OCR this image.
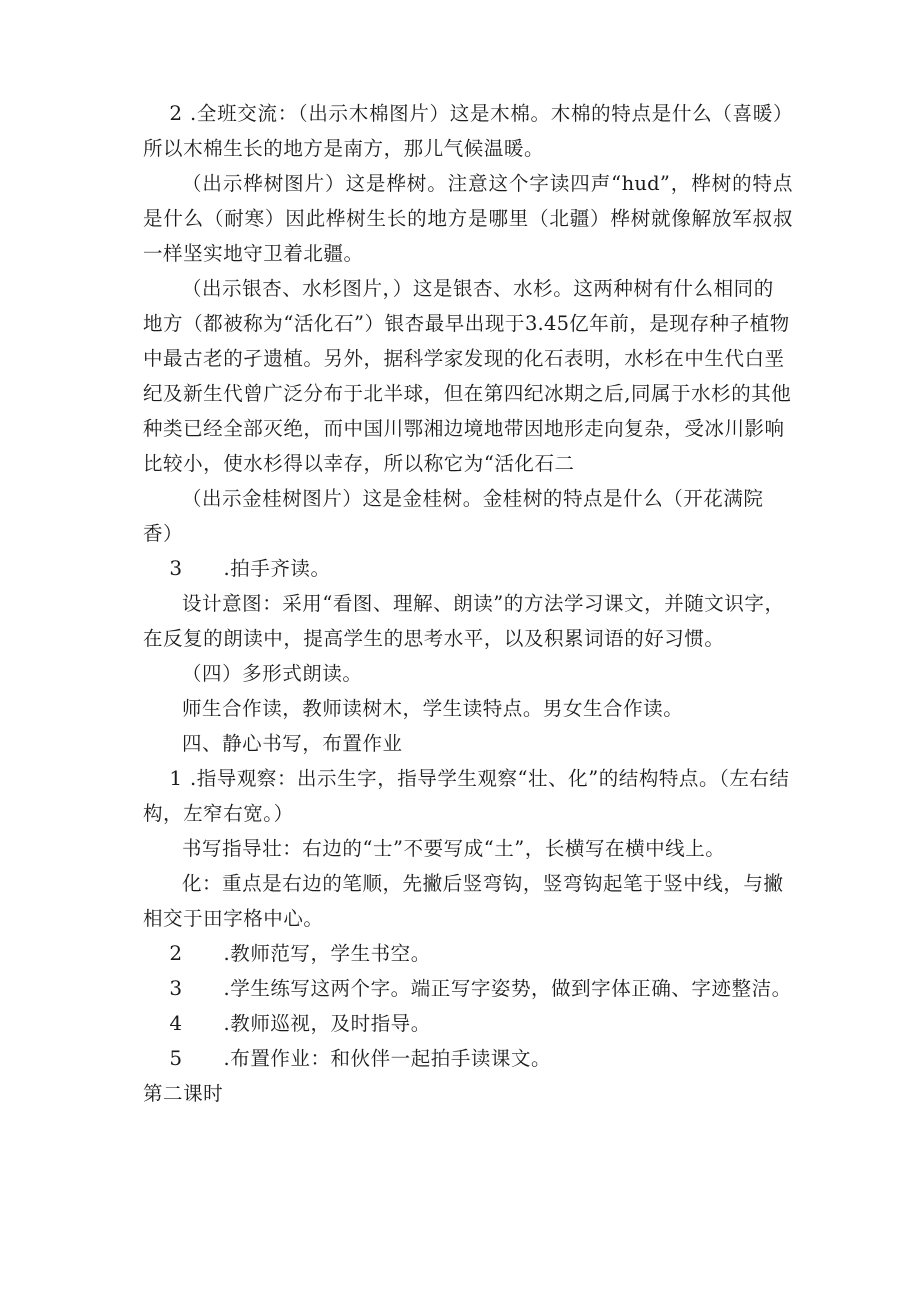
2 .全班交流：（出示木棉图片）这是木棉。木棉的特点是什么（喜暖）所以木棉生长的地方是南方，那儿气候温暖。

（出示桦树图片）这是桦树。注意这个字读四声“hud”，桦树的特点是什么（耐寒）因此桦树生长的地方是哪里（北疆）桦树就像解放军叔叔一样坚实地守卫着北疆。

（出示银杏、水杉图片，）这是银杏、水杉。这两种树有什么相同的地方（都被称为“活化石”）银杏最早出现于3.45亿年前，是现存种子植物中最古老的孑遗植。另外，据科学家发现的化石表明，水杉在中生代白垩纪及新生代曾广泛分布于北半球，但在第四纪冰期之后,同属于水杉的其他种类已经全部灭绝，而中国川鄂湘边境地带因地形走向复杂，受冰川影响比较小，使水杉得以幸存，所以称它为“活化石二

（出示金桂树图片）这是金桂树。金桂树的特点是什么（开花满院香）

3 .拍手齐读。

设计意图：采用“看图、理解、朗读”的方法学习课文，并随文识字，在反复的朗读中，提高学生的思考水平，以及积累词语的好习惯。

（四）多形式朗读。

师生合作读，教师读树木，学生读特点。男女生合作读。

四、静心书写，布置作业

1 .指导观察：出示生字，指导学生观察“壮、化”的结构特点。（左右结构，左窄右宽。）

书写指导壮：右边的“士”不要写成“土”，长横写在横中线上。

化：重点是右边的笔顺，先撇后竖弯钩，竖弯钩起笔于竖中线，与撇相交于田字格中心。

2 .教师范写，学生书空。

3 .学生练写这两个字。端正写字姿势，做到字体正确、字迹整洁。

4 .教师巡视，及时指导。

5 .布置作业：和伙伴一起拍手读课文。

第二课时
